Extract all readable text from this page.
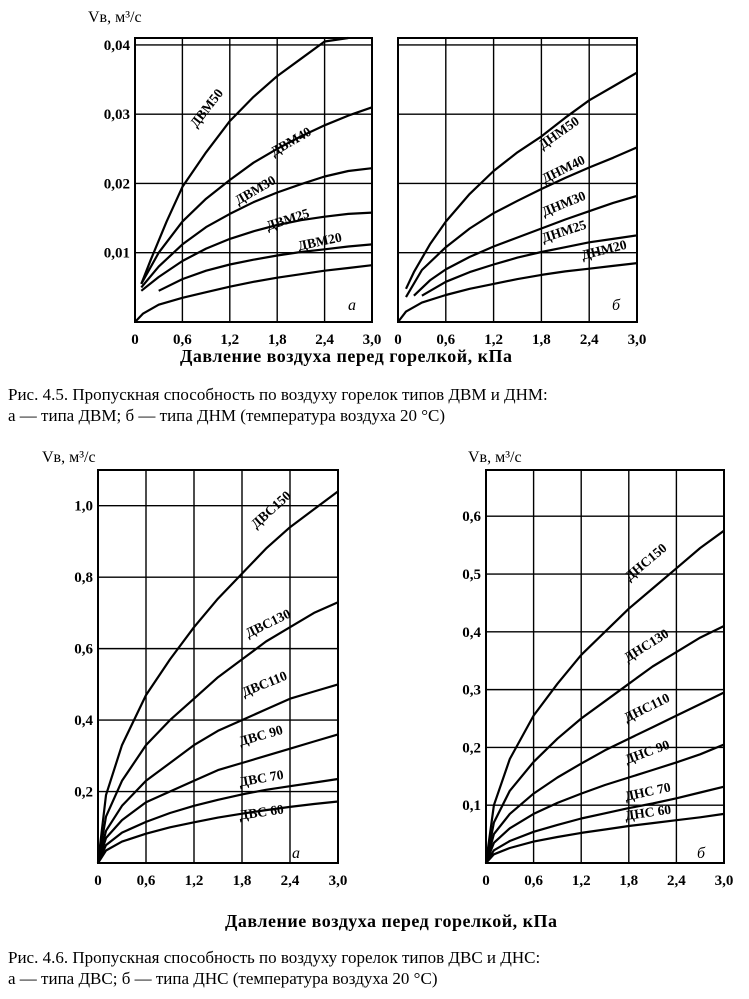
0 0,6 1,2 1,8 2,4 3,0
0,01
0,02
0,03
0,04
Vв, м³/с
ДВМ50
ДВМ40
ДВМ30
ДВМ25
ДВМ20
а
0 0,6 1,2 1,8 2,4 3,0
ДНМ50
ДНМ40
ДНМ30
ДНМ25
ДНМ20
б
0 0,6 1,2 1,8 2,4 3,0
0,2
0,4
0,6
0,8
1,0
Vв, м³/с
ДВС150
ДВС130
ДВС110
ДВС 90
ДВС 70
ДВС 60
а
0 0,6 1,2 1,8 2,4 3,0
0,1
0,2
0,3
0,4
0,5
0,6
Vв, м³/с
ДНС150
ДНС130
ДНС110
ДНС 90
ДНС 70
ДНС 60
б
Давление воздуха перед горелкой, кПа

Рис. 4.5. Пропускная способность по воздуху горелок типов ДВМ и ДНМ:

а — типа ДВМ; б — типа ДНМ (температура воздуха 20 °С)

Давление воздуха перед горелкой, кПа

Рис. 4.6. Пропускная способность по воздуху горелок типов ДВС и ДНС:

а — типа ДВС; б — типа ДНС (температура воздуха 20 °С)
